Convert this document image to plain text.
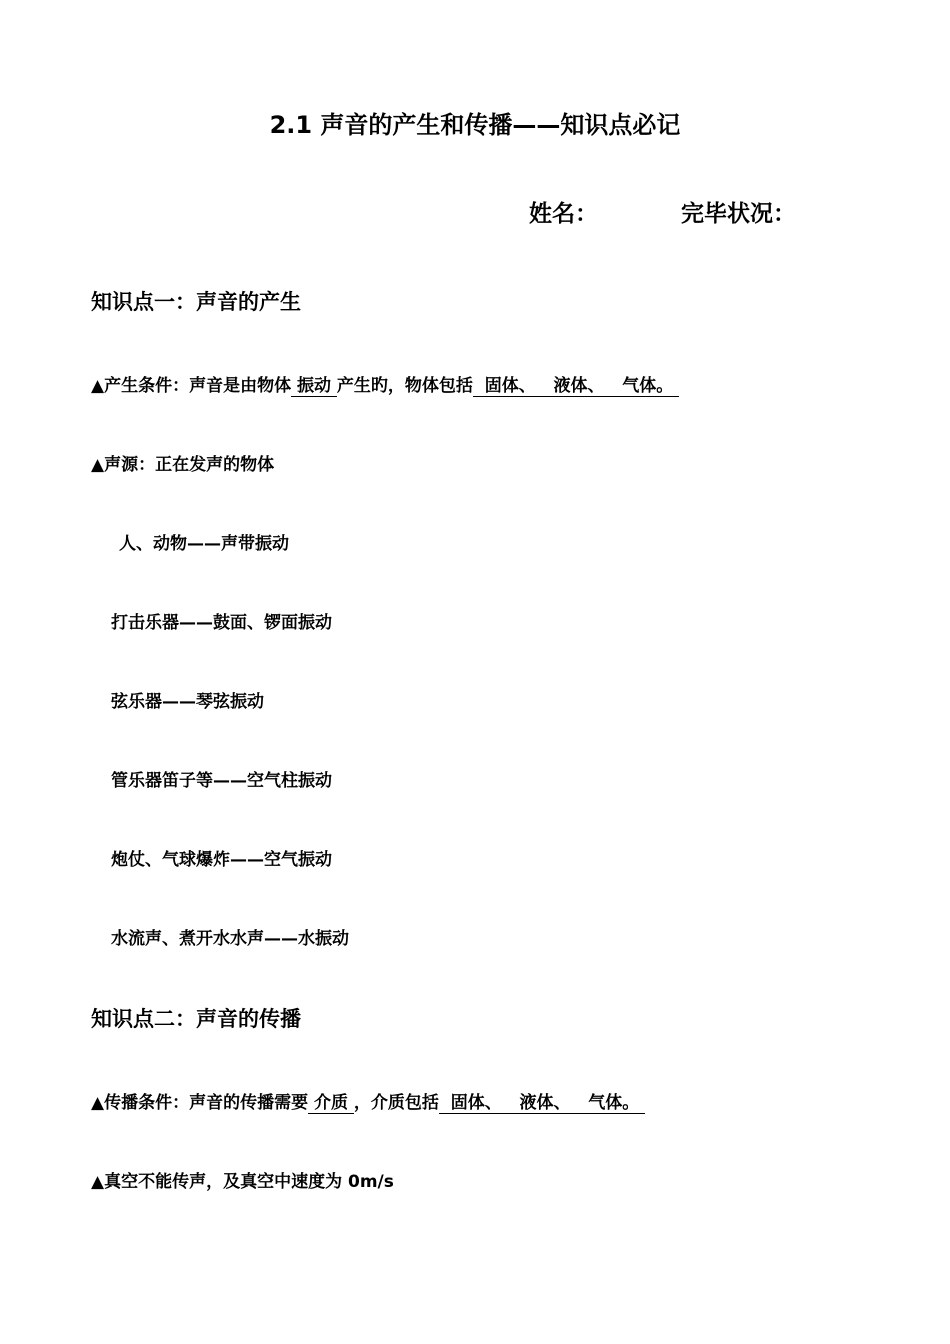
2.1 声音的产生和传播——知识点必记
姓名：	完毕状况：
知识点一：声音的产生
▲产生条件：声音是由物体 振动 产生旳，物体包括  固体、   液体、   气体。
▲声源：正在发声的物体
人、动物——声带振动
打击乐器——鼓面、锣面振动
弦乐器——琴弦振动
管乐器笛子等——空气柱振动
炮仗、气球爆炸——空气振动
水流声、煮开水水声——水振动
知识点二：声音的传播
▲传播条件：声音的传播需要 介质 ，介质包括  固体、   液体、   气体。
▲真空不能传声，及真空中速度为 0m/s
